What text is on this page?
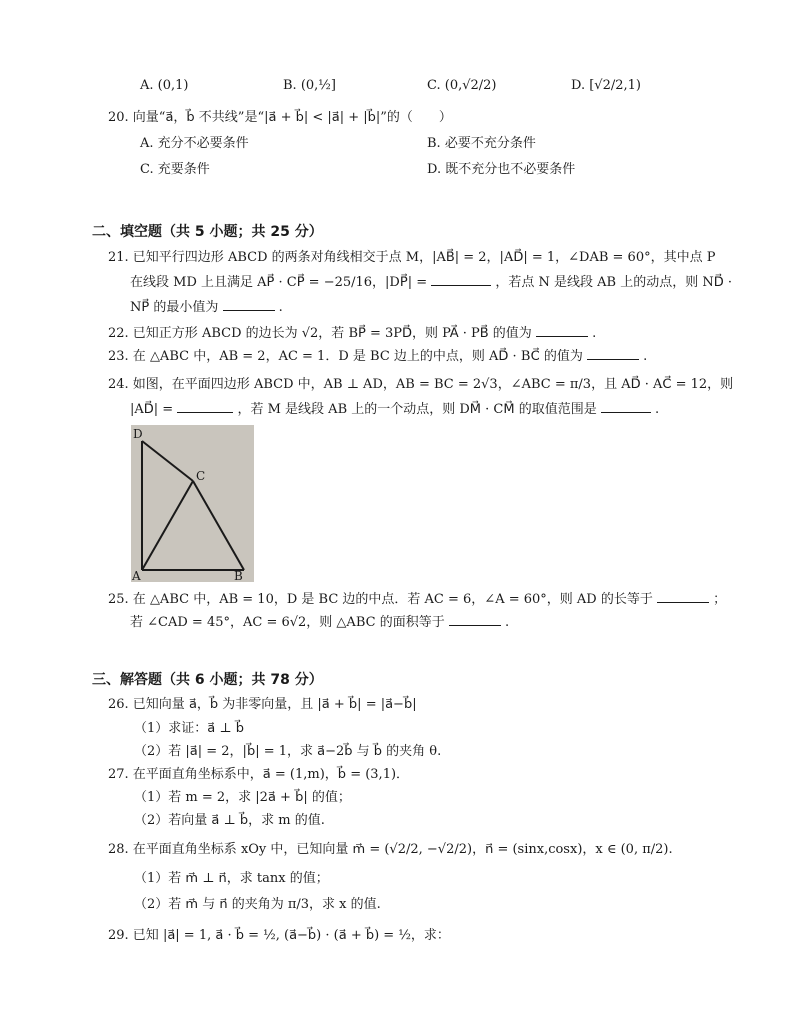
A. (0,1)	B. (0,½]	C. (0,√2/2)	D. [√2/2,1)
20. 向量“a⃗，b⃗ 不共线”是“|a⃗ + b⃗| < |a⃗| + |b⃗|”的（　　）
A. 充分不必要条件	B. 必要不充分条件
C. 充要条件	D. 既不充分也不必要条件
二、填空题（共 5 小题；共 25 分）
21. 已知平行四边形 ABCD 的两条对角线相交于点 M，|AB⃗| = 2，|AD⃗| = 1，∠DAB = 60°，其中点 P
在线段 MD 上且满足 AP⃗ · CP⃗ = −25/16，|DP⃗| =	，若点 N 是线段 AB 上的动点，则 ND⃗ ·
NP⃗ 的最小值为	.
22. 已知正方形 ABCD 的边长为 √2，若 BP⃗ = 3PD⃗，则 PA⃗ · PB⃗ 的值为	.
23. 在 △ABC 中，AB = 2，AC = 1．D 是 BC 边上的中点，则 AD⃗ · BC⃗ 的值为	.
24. 如图，在平面四边形 ABCD 中，AB ⊥ AD，AB = BC = 2√3，∠ABC = π/3，且 AD⃗ · AC⃗ = 12，则
|AD⃗| =	，若 M 是线段 AB 上的一个动点，则 DM⃗ · CM⃗ 的取值范围是	.
D
C
A	B
25. 在 △ABC 中，AB = 10，D 是 BC 边的中点．若 AC = 6，∠A = 60°，则 AD 的长等于	；
若 ∠CAD = 45°，AC = 6√2，则 △ABC 的面积等于	.
三、解答题（共 6 小题；共 78 分）
26. 已知向量 a⃗，b⃗ 为非零向量，且 |a⃗ + b⃗| = |a⃗−b⃗|
（1）求证：a⃗ ⊥ b⃗
（2）若 |a⃗| = 2，|b⃗| = 1，求 a⃗−2b⃗ 与 b⃗ 的夹角 θ.
27. 在平面直角坐标系中，a⃗ = (1,m)，b⃗ = (3,1)．
（1）若 m = 2，求 |2a⃗ + b⃗| 的值；
（2）若向量 a⃗ ⊥ b⃗，求 m 的值.
28. 在平面直角坐标系 xOy 中，已知向量 m⃗ = (√2/2, −√2/2)，n⃗ = (sinx,cosx)，x ∈ (0, π/2).
（1）若 m⃗ ⊥ n⃗，求 tanx 的值；
（2）若 m⃗ 与 n⃗ 的夹角为 π/3，求 x 的值.
29. 已知 |a⃗| = 1, a⃗ · b⃗ = ½, (a⃗−b⃗) · (a⃗ + b⃗) = ½，求：
